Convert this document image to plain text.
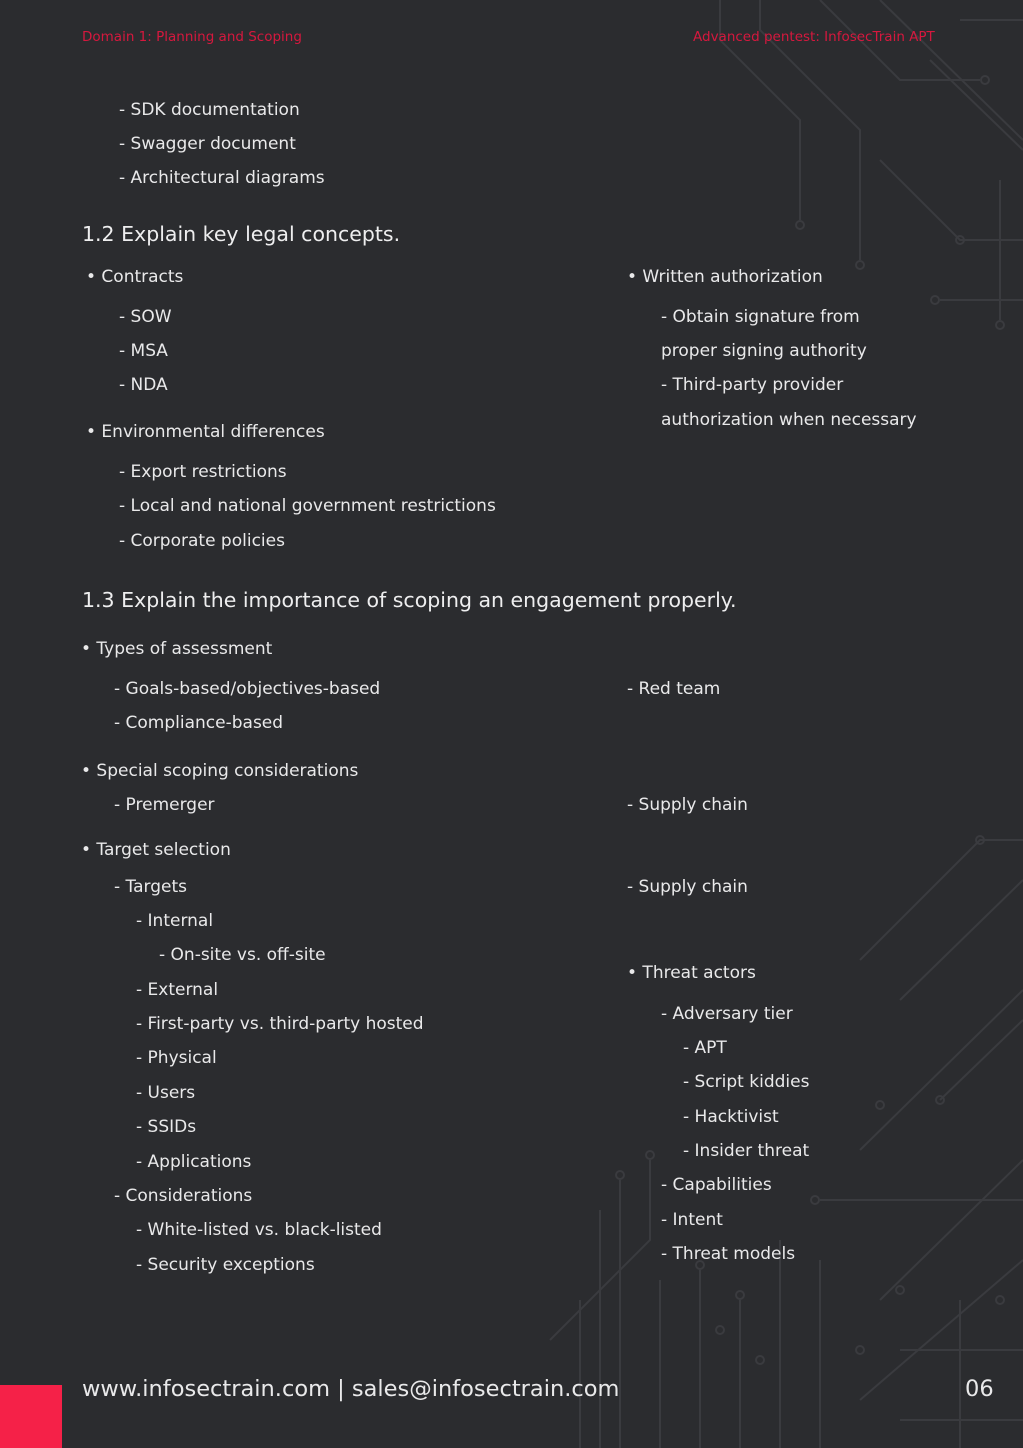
Domain 1: Planning and Scoping	Advanced pentest: InfosecTrain APT
- SDK documentation
- Swagger document
- Architectural diagrams
1.2 Explain key legal concepts.
• Contracts
- SOW
- MSA
- NDA
• Environmental differences
- Export restrictions
- Local and national government restrictions
- Corporate policies
• Written authorization
- Obtain signature from
proper signing authority
- Third-party provider
authorization when necessary
1.3 Explain the importance of scoping an engagement properly.
• Types of assessment
- Goals-based/objectives-based
- Compliance-based
- Red team
• Special scoping considerations
- Premerger	- Supply chain
• Target selection
- Targets	- Supply chain
- Internal
- On-site vs. off-site
- External
- First-party vs. third-party hosted
- Physical
- Users
- SSIDs
- Applications
- Considerations
- White-listed vs. black-listed
- Security exceptions
• Threat actors
- Adversary tier
- APT
- Script kiddies
- Hacktivist
- Insider threat
- Capabilities
- Intent
- Threat models
www.infosectrain.com | sales@infosectrain.com	06
